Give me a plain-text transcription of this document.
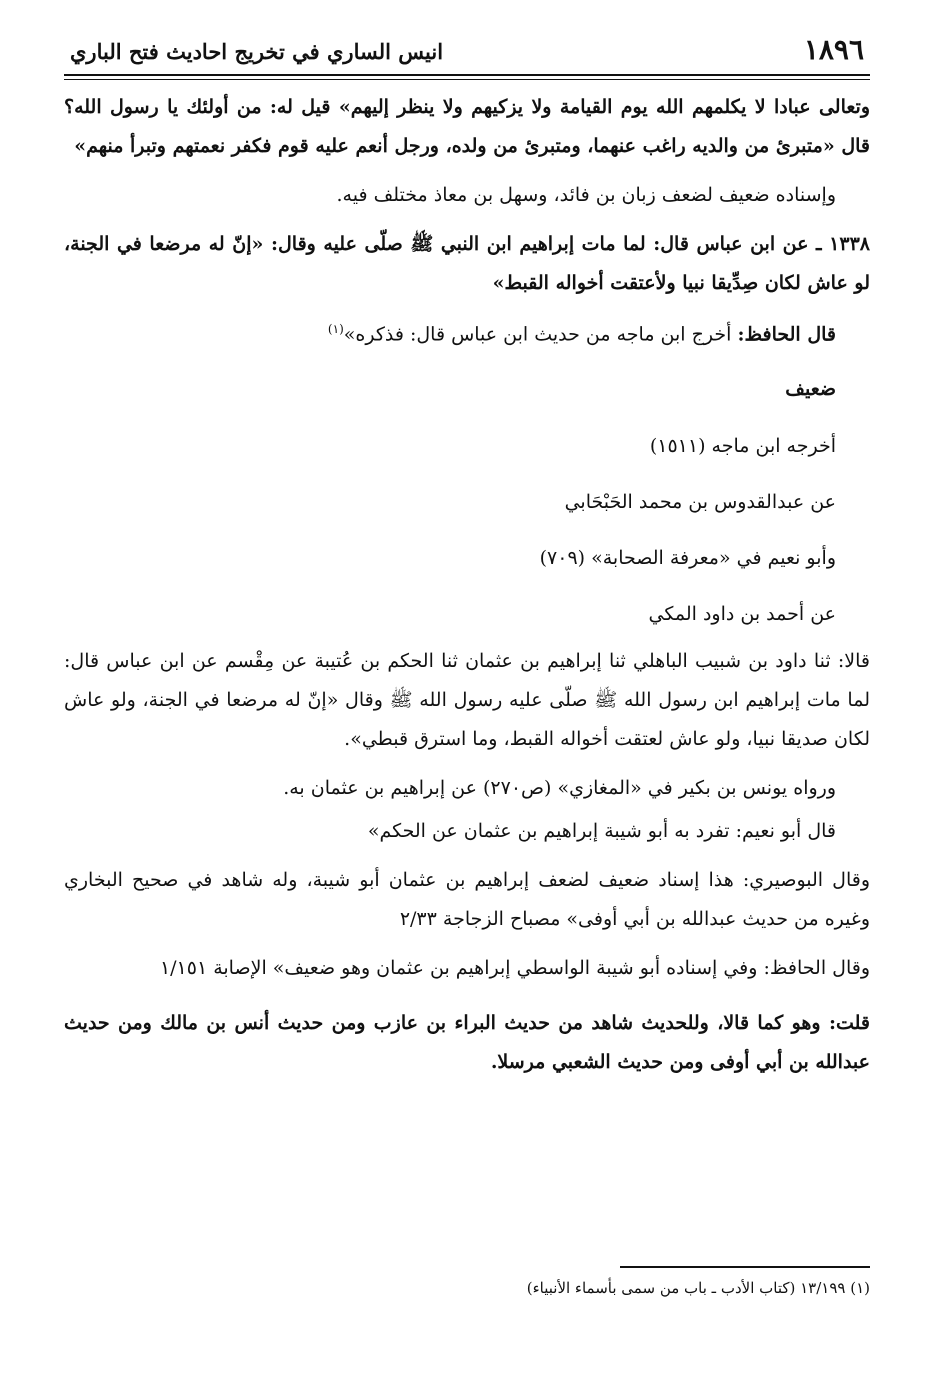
١٨٩٦
انيس الساري في تخريج احاديث فتح الباري

وتعالى عبادا لا يكلمهم الله يوم القيامة ولا يزكيهم ولا ينظر إليهم» قيل له: من أولئك يا رسول الله؟ قال «متبرئ من والديه راغب عنهما، ومتبرئ من ولده، ورجل أنعم عليه قوم فكفر نعمتهم وتبرأ منهم»

وإسناده ضعيف لضعف زبان بن فائد، وسهل بن معاذ مختلف فيه.

١٣٣٨ ـ عن ابن عباس قال: لما مات إبراهيم ابن النبي ﷺ صلّى عليه وقال: «إنّ له مرضعا في الجنة، لو عاش لكان صِدِّيقا نبيا ولأعتقت أخواله القبط»

قال الحافظ: أخرج ابن ماجه من حديث ابن عباس قال: فذكره»$^{(١)}$

ضعيف

أخرجه ابن ماجه (١٥١١)

عن عبدالقدوس بن محمد الحَبْحَابي

وأبو نعيم في «معرفة الصحابة» (٧٠٩)

عن أحمد بن داود المكي

قالا: ثنا داود بن شبيب الباهلي ثنا إبراهيم بن عثمان ثنا الحكم بن عُتيبة عن مِقْسم عن ابن عباس قال: لما مات إبراهيم ابن رسول الله ﷺ صلّى عليه رسول الله ﷺ وقال «إنّ له مرضعا في الجنة، ولو عاش لكان صديقا نبيا، ولو عاش لعتقت أخواله القبط، وما استرق قبطي».

ورواه يونس بن بكير في «المغازي» (ص٢٧٠) عن إبراهيم بن عثمان به.

قال أبو نعيم: تفرد به أبو شيبة إبراهيم بن عثمان عن الحكم»

وقال البوصيري: هذا إسناد ضعيف لضعف إبراهيم بن عثمان أبو شيبة، وله شاهد في صحيح البخاري وغيره من حديث عبدالله بن أبي أوفى» مصباح الزجاجة ٢/٣٣

وقال الحافظ: وفي إسناده أبو شيبة الواسطي إبراهيم بن عثمان وهو ضعيف» الإصابة ١/١٥١

قلت: وهو كما قالا، وللحديث شاهد من حديث البراء بن عازب ومن حديث أنس بن مالك ومن حديث عبدالله بن أبي أوفى ومن حديث الشعبي مرسلا.

(١) ١٣/١٩٩ (كتاب الأدب ـ باب من سمى بأسماء الأنبياء)
